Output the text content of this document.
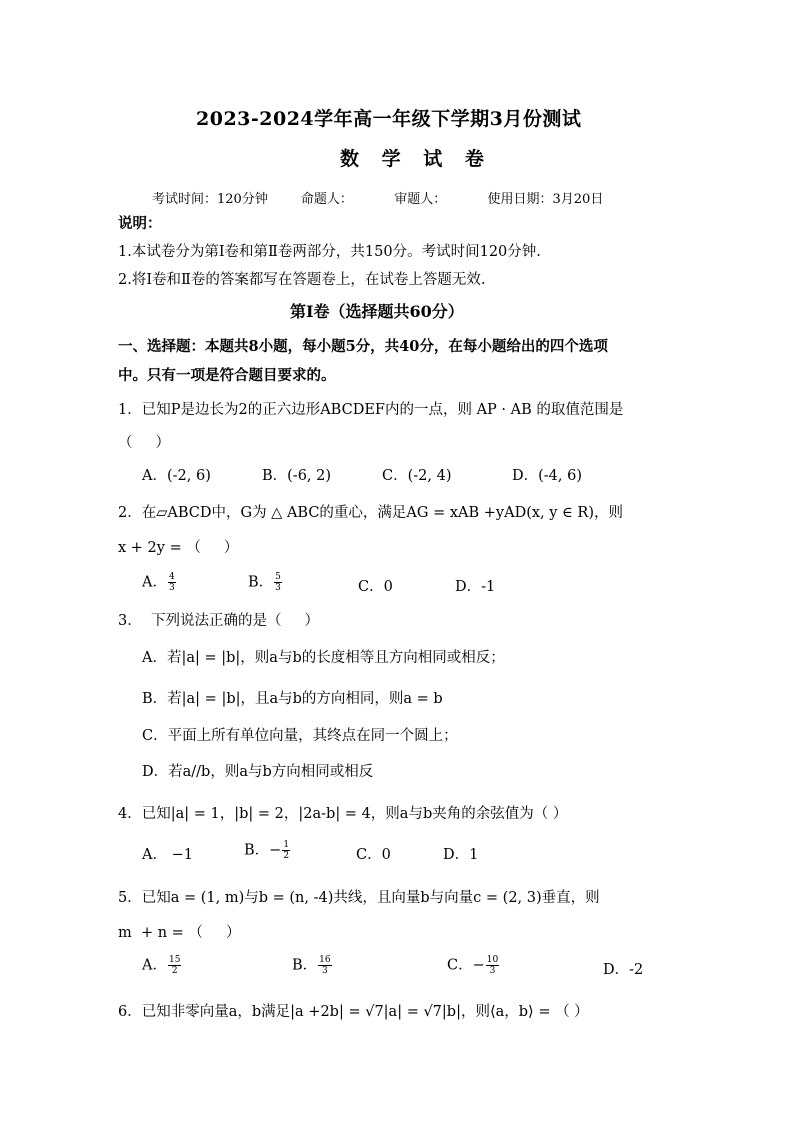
2023-2024学年高一年级下学期3月份测试
数 学 试 卷
考试时间：120分钟        命题人：          审题人：          使用日期：3月20日
说明：
1.本试卷分为第Ⅰ卷和第Ⅱ卷两部分，共150分。考试时间120分钟.
2.将Ⅰ卷和Ⅱ卷的答案都写在答题卷上，在试卷上答题无效.
第Ⅰ卷（选择题共60分）
一、选择题：本题共8小题，每小题5分，共40分，在每小题给出的四个选项
中。只有一项是符合题目要求的。
1．已知P是边长为2的正六边形ABCDEF内的一点，则 AP · AB 的取值范围是
（     ）
A．(-2, 6)	B．(-6, 2)	C．(-2, 4)	D．(-4, 6)
2．在▱ABCD中，G为 △ ABC的重心，满足AG = xAB +yAD(x, y ∈ R)，则
x + 2y = （     ）
A． $\frac{4}{3}$	B． $\frac{5}{3}$	C．0	D．-1
3．  下列说法正确的是（     ）
A．若|a| = |b|，则a与b的长度相等且方向相同或相反；
B．若|a| = |b|，且a与b的方向相同，则a = b
C．平面上所有单位向量，其终点在同一个圆上；
D．若a//b，则a与b方向相同或相反
4．已知|a| = 1，|b| = 2，|2a-b| = 4，则a与b夹角的余弦值为（ ）
A． −1	B．− $\frac{1}{2}$	C．0	D．1
5．已知a = (1, m)与b = (n, -4)共线，且向量b与向量c = (2, 3)垂直，则
m  + n = （     ）
A． $\frac{15}{2}$	B． $\frac{16}{3}$	C．− $\frac{10}{3}$	D．-2
6．已知非零向量a，b满足|a +2b| = √7|a| = √7|b|，则⟨a，b⟩ = （ ）
